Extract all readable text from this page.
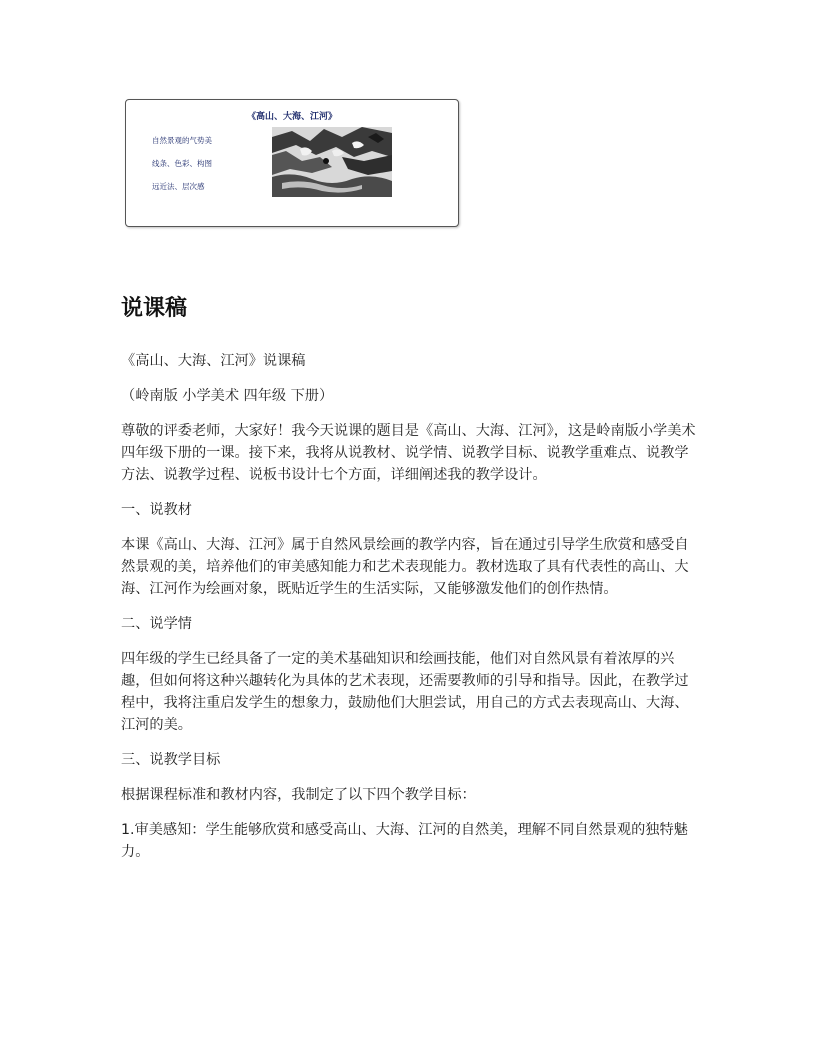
《高山、大海、江河》
自然景观的气势美
线条、色彩、构图
远近法、层次感
说课稿

《高山、大海、江河》说课稿

（岭南版 小学美术 四年级 下册）

尊敬的评委老师，大家好！我今天说课的题目是《高山、大海、江河》，这是岭南版小学美术四年级下册的一课。接下来，我将从说教材、说学情、说教学目标、说教学重难点、说教学方法、说教学过程、说板书设计七个方面，详细阐述我的教学设计。

一、说教材

本课《高山、大海、江河》属于自然风景绘画的教学内容，旨在通过引导学生欣赏和感受自然景观的美，培养他们的审美感知能力和艺术表现能力。教材选取了具有代表性的高山、大海、江河作为绘画对象，既贴近学生的生活实际，又能够激发他们的创作热情。

二、说学情

四年级的学生已经具备了一定的美术基础知识和绘画技能，他们对自然风景有着浓厚的兴趣，但如何将这种兴趣转化为具体的艺术表现，还需要教师的引导和指导。因此，在教学过程中，我将注重启发学生的想象力，鼓励他们大胆尝试，用自己的方式去表现高山、大海、江河的美。

三、说教学目标

根据课程标准和教材内容，我制定了以下四个教学目标：

1.审美感知：学生能够欣赏和感受高山、大海、江河的自然美，理解不同自然景观的独特魅力。
